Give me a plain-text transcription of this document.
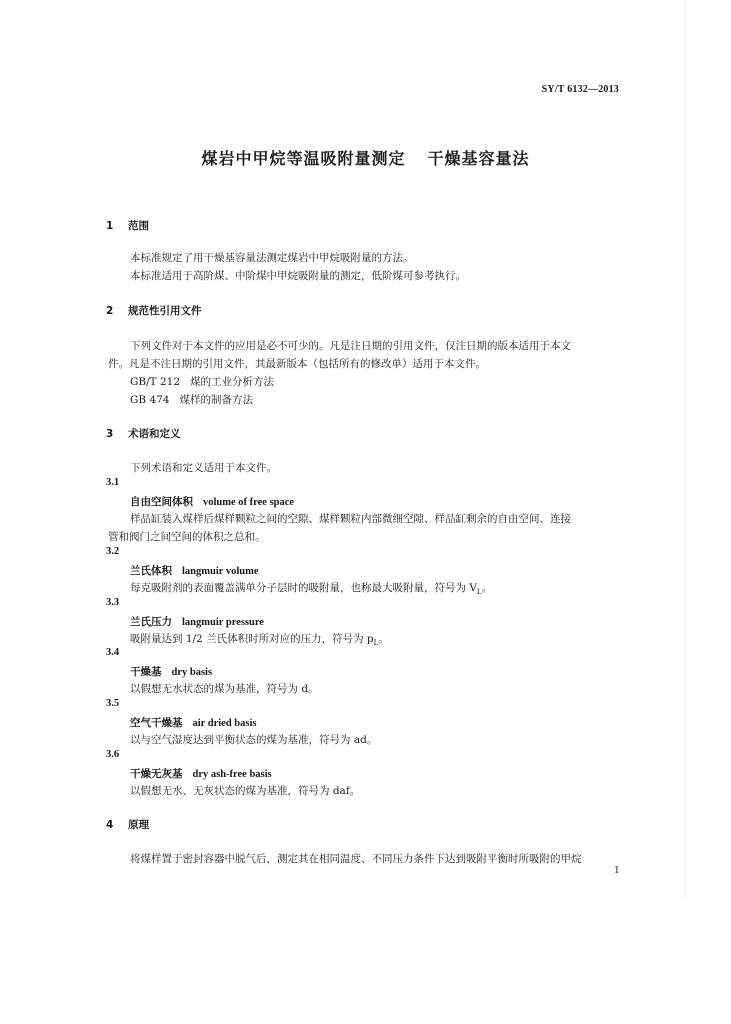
SY/T 6132—2013
煤岩中甲烷等温吸附量测定 干燥基容量法
1 范围
本标准规定了用干燥基容量法测定煤岩中甲烷吸附量的方法。
本标准适用于高阶煤、中阶煤中甲烷吸附量的测定，低阶煤可参考执行。
2 规范性引用文件
下列文件对于本文件的应用是必不可少的。凡是注日期的引用文件，仅注日期的版本适用于本文
件。凡是不注日期的引用文件，其最新版本（包括所有的修改单）适用于本文件。
GB/T 212 煤的工业分析方法
GB 474 煤样的制备方法
3 术语和定义
下列术语和定义适用于本文件。
3.1
自由空间体积 volume of free space
样品缸装入煤样后煤样颗粒之间的空隙、煤样颗粒内部微细空隙、样品缸剩余的自由空间、连接
管和阀门之间空间的体积之总和。
3.2
兰氏体积 langmuir volume
每克吸附剂的表面覆盖满单分子层时的吸附量，也称最大吸附量，符号为 $V_L$。
3.3
兰氏压力 langmuir pressure
吸附量达到 1/2 兰氏体积时所对应的压力，符号为 $p_L$。
3.4
干燥基 dry basis
以假想无水状态的煤为基准，符号为 d。
3.5
空气干燥基 air dried basis
以与空气湿度达到平衡状态的煤为基准，符号为 ad。
3.6
干燥无灰基 dry ash-free basis
以假想无水、无灰状态的煤为基准，符号为 daf。
4 原理
将煤样置于密封容器中脱气后，测定其在相同温度、不同压力条件下达到吸附平衡时所吸附的甲烷
1
